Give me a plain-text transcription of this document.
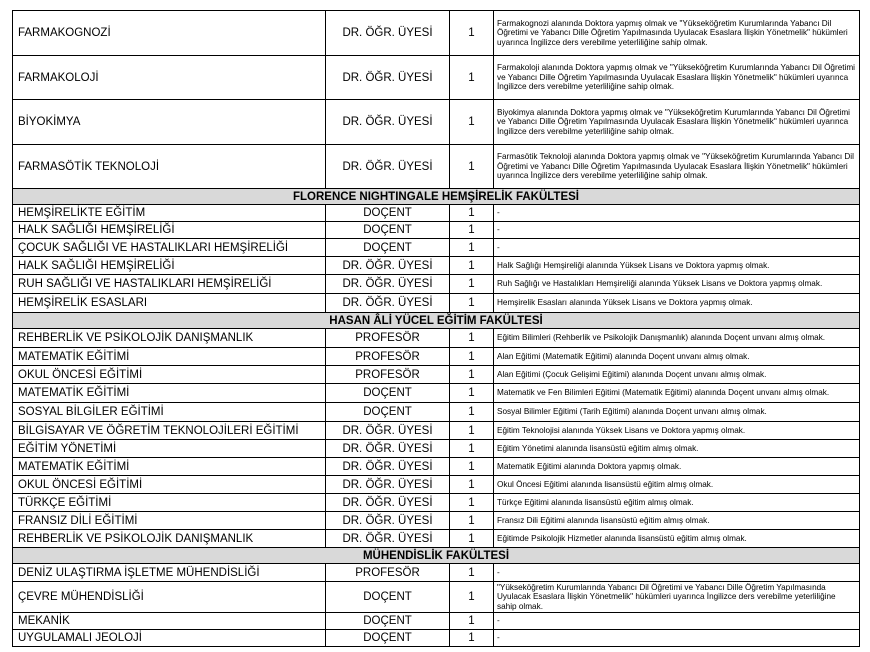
FARMAKOGNOZİ	DR. ÖĞR. ÜYESİ	1	Farmakognozi alanında Doktora yapmış olmak ve "Yükseköğretim Kurumlarında Yabancı Dil Öğretimi ve Yabancı Dille Öğretim Yapılmasında Uyulacak Esaslara İlişkin Yönetmelik" hükümleri uyarınca İngilizce ders verebilme yeterliliğine sahip olmak.
FARMAKOLOJİ	DR. ÖĞR. ÜYESİ	1	Farmakoloji alanında Doktora yapmış olmak ve "Yükseköğretim Kurumlarında Yabancı Dil Öğretimi ve Yabancı Dille Öğretim Yapılmasında Uyulacak Esaslara İlişkin Yönetmelik" hükümleri uyarınca İngilizce ders verebilme yeterliliğine sahip olmak.
BİYOKİMYA	DR. ÖĞR. ÜYESİ	1	Biyokimya alanında Doktora yapmış olmak ve "Yükseköğretim Kurumlarında Yabancı Dil Öğretimi ve Yabancı Dille Öğretim Yapılmasında Uyulacak Esaslara İlişkin Yönetmelik" hükümleri uyarınca İngilizce ders verebilme yeterliliğine sahip olmak.
FARMASÖTİK TEKNOLOJİ	DR. ÖĞR. ÜYESİ	1	Farmasötik Teknoloji alanında Doktora yapmış olmak ve "Yükseköğretim Kurumlarında Yabancı Dil Öğretimi ve Yabancı Dille Öğretim Yapılmasında Uyulacak Esaslara İlişkin Yönetmelik" hükümleri uyarınca İngilizce ders verebilme yeterliliğine sahip olmak.
FLORENCE NIGHTINGALE HEMŞİRELİK FAKÜLTESİ			
HEMŞİRELİKTE EĞİTİM	DOÇENT	1	-
HALK SAĞLIĞI HEMŞİRELİĞİ	DOÇENT	1	-
ÇOCUK SAĞLIĞI VE HASTALIKLARI HEMŞİRELİĞİ	DOÇENT	1	-
HALK SAĞLIĞI HEMŞİRELİĞİ	DR. ÖĞR. ÜYESİ	1	Halk Sağlığı Hemşireliği alanında Yüksek Lisans ve Doktora yapmış olmak.
RUH SAĞLIĞI VE HASTALIKLARI HEMŞİRELİĞİ	DR. ÖĞR. ÜYESİ	1	Ruh Sağlığı ve Hastalıkları Hemşireliği alanında Yüksek Lisans ve Doktora yapmış olmak.
HEMŞİRELİK ESASLARI	DR. ÖĞR. ÜYESİ	1	Hemşirelik Esasları alanında Yüksek Lisans ve Doktora yapmış olmak.
HASAN ÂLİ YÜCEL EĞİTİM FAKÜLTESİ			
REHBERLİK VE PSİKOLOJİK DANIŞMANLIK	PROFESÖR	1	Eğitim Bilimleri (Rehberlik ve Psikolojik Danışmanlık) alanında Doçent unvanı almış olmak.
MATEMATİK EĞİTİMİ	PROFESÖR	1	Alan Eğitimi (Matematik Eğitimi) alanında Doçent unvanı almış olmak.
OKUL ÖNCESİ EĞİTİMİ	PROFESÖR	1	Alan Eğitimi (Çocuk Gelişimi Eğitimi) alanında Doçent unvanı almış olmak.
MATEMATİK EĞİTİMİ	DOÇENT	1	Matematik ve Fen Bilimleri Eğitimi (Matematik Eğitimi) alanında Doçent unvanı almış olmak.
SOSYAL BİLGİLER EĞİTİMİ	DOÇENT	1	Sosyal Bilimler Eğitimi (Tarih Eğitimi) alanında Doçent unvanı almış olmak.
BİLGİSAYAR VE ÖĞRETİM TEKNOLOJİLERİ EĞİTİMİ	DR. ÖĞR. ÜYESİ	1	Eğitim Teknolojisi alanında Yüksek Lisans ve Doktora yapmış olmak.
EĞİTİM YÖNETİMİ	DR. ÖĞR. ÜYESİ	1	Eğitim Yönetimi alanında lisansüstü eğitim almış olmak.
MATEMATİK EĞİTİMİ	DR. ÖĞR. ÜYESİ	1	Matematik Eğitimi alanında Doktora yapmış olmak.
OKUL ÖNCESİ EĞİTİMİ	DR. ÖĞR. ÜYESİ	1	Okul Öncesi Eğitimi alanında lisansüstü eğitim almış olmak.
TÜRKÇE EĞİTİMİ	DR. ÖĞR. ÜYESİ	1	Türkçe Eğitimi alanında lisansüstü eğitim almış olmak.
FRANSIZ DİLİ EĞİTİMİ	DR. ÖĞR. ÜYESİ	1	Fransız Dili Eğitimi alanında lisansüstü eğitim almış olmak.
REHBERLİK VE PSİKOLOJİK DANIŞMANLIK	DR. ÖĞR. ÜYESİ	1	Eğitimde Psikolojik Hizmetler alanında lisansüstü eğitim almış olmak.
MÜHENDİSLİK FAKÜLTESİ			
DENİZ ULAŞTIRMA İŞLETME MÜHENDİSLİĞİ	PROFESÖR	1	-
ÇEVRE MÜHENDİSLİĞİ	DOÇENT	1	"Yükseköğretim Kurumlarında Yabancı Dil Öğretimi ve Yabancı Dille Öğretim Yapılmasında Uyulacak Esaslara İlişkin Yönetmelik" hükümleri uyarınca İngilizce ders verebilme yeterliliğine sahip olmak.
MEKANİK	DOÇENT	1	-
UYGULAMALI JEOLOJİ	DOÇENT	1	-
